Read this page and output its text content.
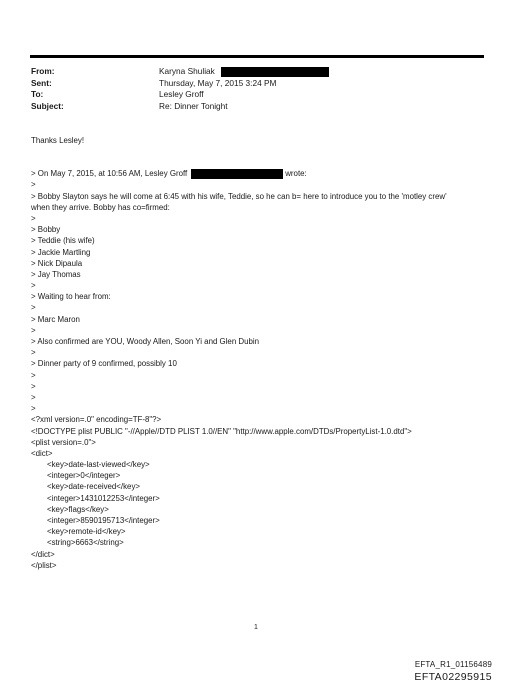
From:	Karyna Shuliak
Sent:	Thursday, May 7, 2015 3:24 PM
To:	Lesley Groff
Subject:	Re: Dinner Tonight
Thanks Lesley!
> On May 7, 2015, at 10:56 AM, Lesley Groff	wrote:
>
> Bobby Slayton says he will come at 6:45 with his wife, Teddie, so he can b= here to introduce you to the 'motley crew'
when they arrive. Bobby has co=firmed:
>
> Bobby
> Teddie (his wife)
> Jackie Martling
> Nick Dipaula
> Jay Thomas
>
> Waiting to hear from:
>
> Marc Maron
>
> Also confirmed are YOU, Woody Allen, Soon Yi and Glen Dubin
>
> Dinner party of 9 confirmed, possibly 10
>
>
>
>
<?xml version=.0" encoding=TF-8"?>
<!DOCTYPE plist PUBLIC "-//Apple//DTD PLIST 1.0//EN" "http://www.apple.com/DTDs/PropertyList-1.0.dtd">
<plist version=.0">
<dict>
<key>date-last-viewed</key>
<integer>0</integer>
<key>date-received</key>
<integer>1431012253</integer>
<key>flags</key>
<integer>8590195713</integer>
<key>remote-id</key>
<string>6663</string>
</dict>
</plist>
1
EFTA_R1_01156489
EFTA02295915
